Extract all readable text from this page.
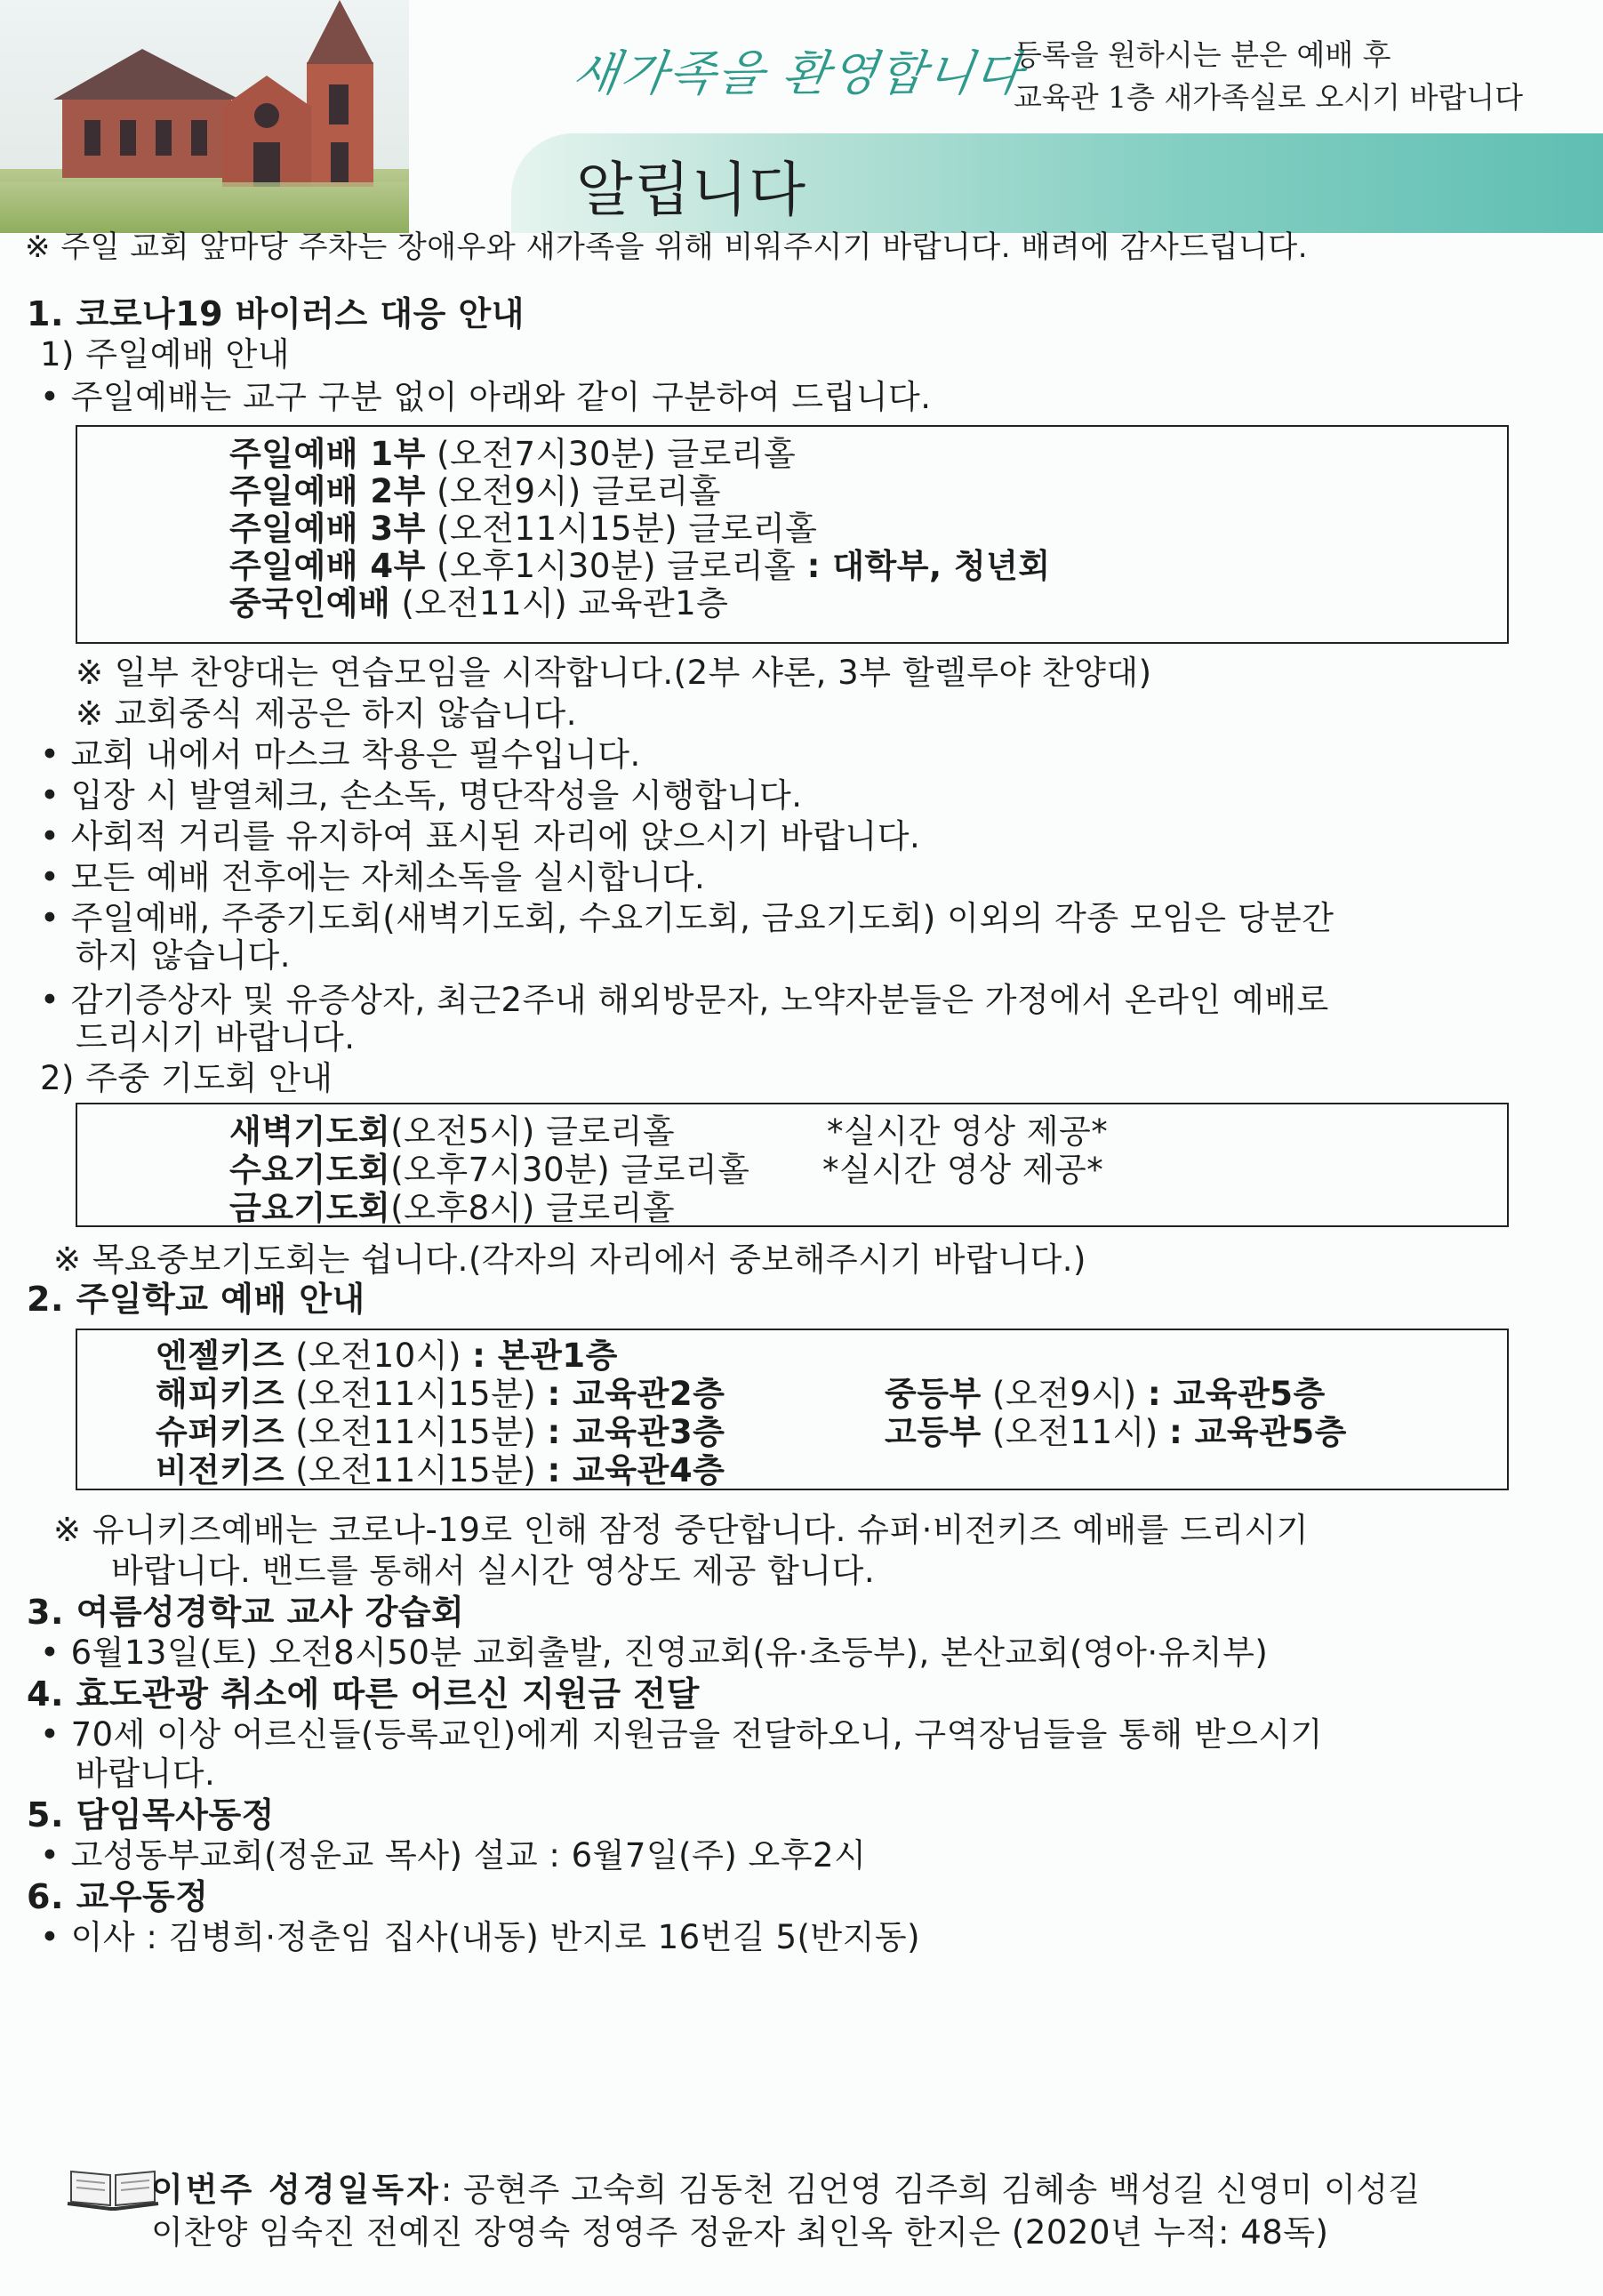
새가족을 환영합니다
등록을 원하시는 분은 예배 후
교육관 1층 새가족실로 오시기 바랍니다
알립니다
※ 주일 교회 앞마당 주차는 장애우와 새가족을 위해 비워주시기 바랍니다. 배려에 감사드립니다.
1. 코로나19 바이러스 대응 안내
1) 주일예배 안내
• 주일예배는 교구 구분 없이 아래와 같이 구분하여 드립니다.
주일예배 1부 (오전7시30분) 글로리홀
주일예배 2부 (오전9시) 글로리홀
주일예배 3부 (오전11시15분) 글로리홀
주일예배 4부 (오후1시30분) 글로리홀 : 대학부, 청년회
중국인예배 (오전11시) 교육관1층
※ 일부 찬양대는 연습모임을 시작합니다.(2부 샤론, 3부 할렐루야 찬양대)
※ 교회중식 제공은 하지 않습니다.
• 교회 내에서 마스크 착용은 필수입니다.
• 입장 시 발열체크, 손소독, 명단작성을 시행합니다.
• 사회적 거리를 유지하여 표시된 자리에 앉으시기 바랍니다.
• 모든 예배 전후에는 자체소독을 실시합니다.
• 주일예배, 주중기도회(새벽기도회, 수요기도회, 금요기도회) 이외의 각종 모임은 당분간
하지 않습니다.
• 감기증상자 및 유증상자, 최근2주내 해외방문자, 노약자분들은 가정에서 온라인 예배로
드리시기 바랍니다.
2) 주중 기도회 안내
새벽기도회(오전5시) 글로리홀	*실시간 영상 제공*
수요기도회(오후7시30분) 글로리홀 *실시간 영상 제공*
금요기도회(오후8시) 글로리홀
※ 목요중보기도회는 쉽니다.(각자의 자리에서 중보해주시기 바랍니다.)
2. 주일학교 예배 안내
엔젤키즈 (오전10시) : 본관1층
해피키즈 (오전11시15분) : 교육관2층
슈퍼키즈 (오전11시15분) : 교육관3층
비전키즈 (오전11시15분) : 교육관4층
중등부 (오전9시) : 교육관5층
고등부 (오전11시) : 교육관5층
※ 유니키즈예배는 코로나-19로 인해 잠정 중단합니다. 슈퍼·비전키즈 예배를 드리시기
바랍니다. 밴드를 통해서 실시간 영상도 제공 합니다.
3. 여름성경학교 교사 강습회
• 6월13일(토) 오전8시50분 교회출발, 진영교회(유·초등부), 본산교회(영아·유치부)
4. 효도관광 취소에 따른 어르신 지원금 전달
• 70세 이상 어르신들(등록교인)에게 지원금을 전달하오니, 구역장님들을 통해 받으시기
바랍니다.
5. 담임목사동정
• 고성동부교회(정운교 목사) 설교 : 6월7일(주) 오후2시
6. 교우동정
• 이사 : 김병희·정춘임 집사(내동) 반지로 16번길 5(반지동)
이번주 성경일독자: 공현주 고숙희 김동천 김언영 김주희 김혜송 백성길 신영미 이성길
이찬양 임숙진 전예진 장영숙 정영주 정윤자 최인옥 한지은 (2020년 누적: 48독)
